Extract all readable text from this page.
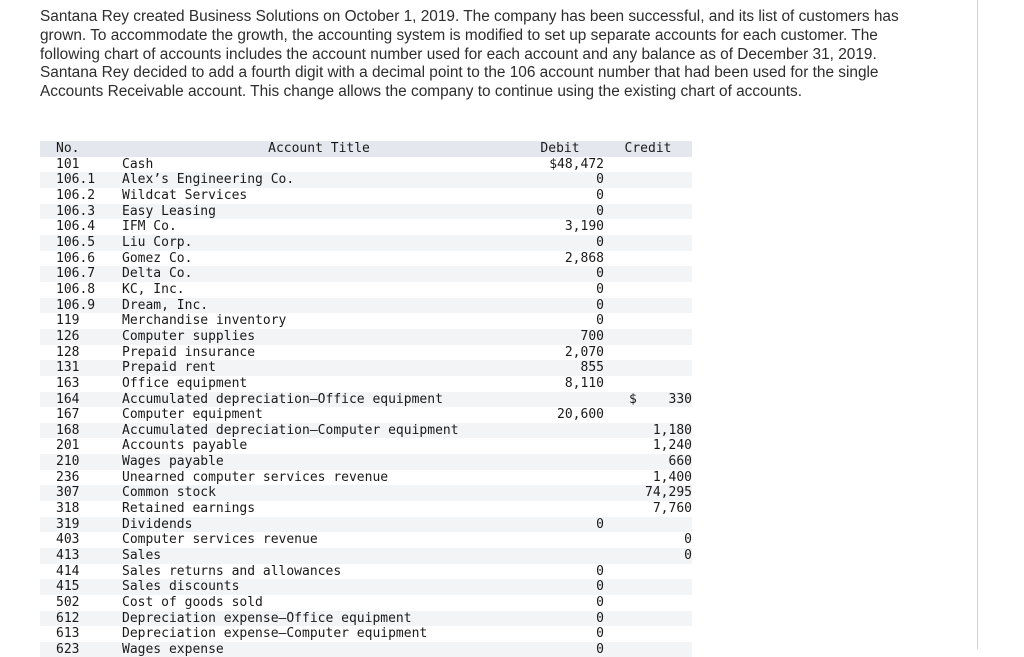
Santana Rey created Business Solutions on October 1, 2019. The company has been successful, and its list of customers has grown. To accommodate the growth, the accounting system is modified to set up separate accounts for each customer. The following chart of accounts includes the account number used for each account and any balance as of December 31, 2019. Santana Rey decided to add a fourth digit with a decimal point to the 106 account number that had been used for the single Accounts Receivable account. This change allows the company to continue using the existing chart of accounts.

No.	Account Title	Debit	Credit
101	Cash	$48,472	
106.1	Alex’s Engineering Co.	0	
106.2	Wildcat Services	0	
106.3	Easy Leasing	0	
106.4	IFM Co.	3,190	
106.5	Liu Corp.	0	
106.6	Gomez Co.	2,868	
106.7	Delta Co.	0	
106.8	KC, Inc.	0	
106.9	Dream, Inc.	0	
119	Merchandise inventory	0	
126	Computer supplies	700	
128	Prepaid insurance	2,070	
131	Prepaid rent	855	
163	Office equipment	8,110	
164	Accumulated depreciation—Office equipment		$ 330
167	Computer equipment	20,600	
168	Accumulated depreciation—Computer equipment		1,180
201	Accounts payable		1,240
210	Wages payable		660
236	Unearned computer services revenue		1,400
307	Common stock		74,295
318	Retained earnings		7,760
319	Dividends	0	
403	Computer services revenue		0
413	Sales		0
414	Sales returns and allowances	0	
415	Sales discounts	0	
502	Cost of goods sold	0	
612	Depreciation expense—Office equipment	0	
613	Depreciation expense—Computer equipment	0	
623	Wages expense	0	
